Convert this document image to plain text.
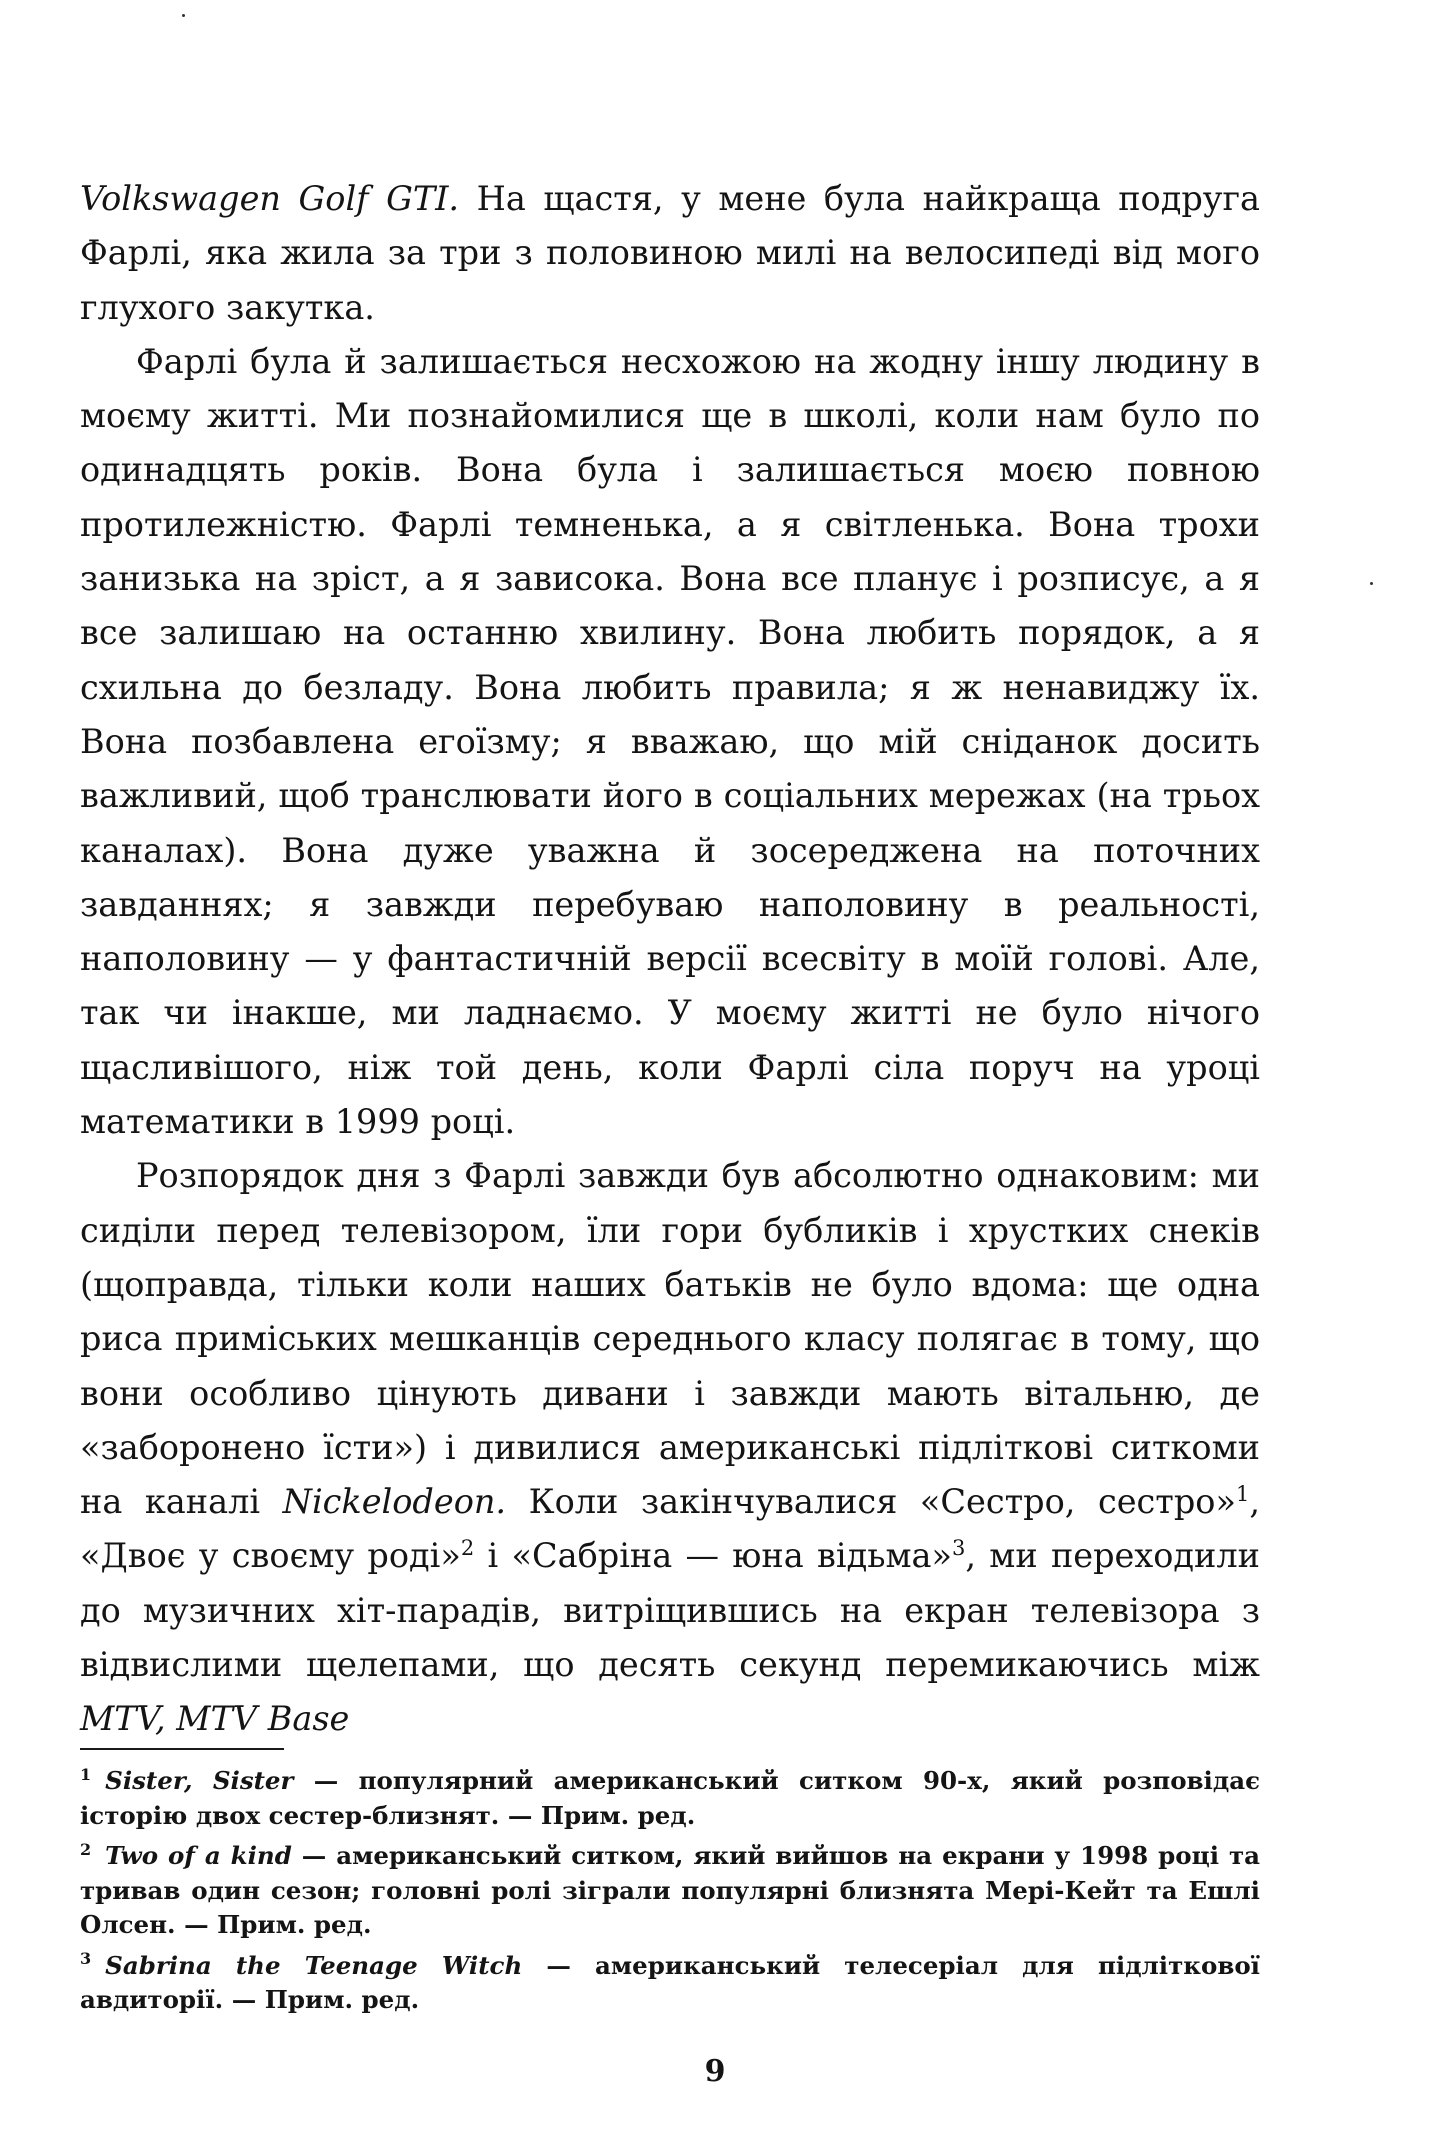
Volkswagen Golf GTI. На щастя, у мене була найкраща подруга Фарлі, яка жила за три з половиною милі на велосипеді від мого глухого закутка.

Фарлі була й залишається несхожою на жодну іншу людину в моєму житті. Ми познайомилися ще в школі, коли нам було по одинадцять років. Вона була і залишається моєю повною протилежністю. Фарлі темненька, а я світленька. Вона трохи занизька на зріст, а я зависока. Вона все планує і розписує, а я все залишаю на останню хвилину. Вона любить порядок, а я схильна до безладу. Вона любить правила; я ж ненавиджу їх. Вона позбавлена егоїзму; я вважаю, що мій сніданок досить важливий, щоб транслювати його в соціальних мережах (на трьох каналах). Вона дуже уважна й зосереджена на поточних завданнях; я завжди перебуваю наполовину в реальності, наполовину — у фантастичній версії всесвіту в моїй голові. Але, так чи інакше, ми ладнаємо. У моєму житті не було нічого щасливішого, ніж той день, коли Фарлі сіла поруч на уроці математики в 1999 році.

Розпорядок дня з Фарлі завжди був абсолютно однаковим: ми сиділи перед телевізором, їли гори бубликів і хрустких снеків (щоправда, тільки коли наших батьків не було вдома: ще одна риса приміських мешканців середнього класу полягає в тому, що вони особливо цінують дивани і завжди мають вітальню, де «заборонено їсти») і дивилися американські підліткові ситкоми на каналі Nickelodeon. Коли закінчувалися «Сестро, сестро»$^1$, «Двоє у своєму роді»$^2$ і «Сабріна — юна відьма»$^3$, ми переходили до музичних хіт-парадів, витріщившись на екран телевізора з відвислими щелепами, що десять секунд перемикаючись між MTV, MTV Base

1 Sister, Sister — популярний американський ситком 90-х, який розповідає історію двох сестер-близнят. — Прим. ред.

2 Two of a kind — американський ситком, який вийшов на екрани у 1998 році та тривав один сезон; головні ролі зіграли популярні близнята Мері-Кейт та Ешлі Олсен. — Прим. ред.

3 Sabrina the Teenage Witch — американський телесеріал для підліткової авдиторії. — Прим. ред.

9
